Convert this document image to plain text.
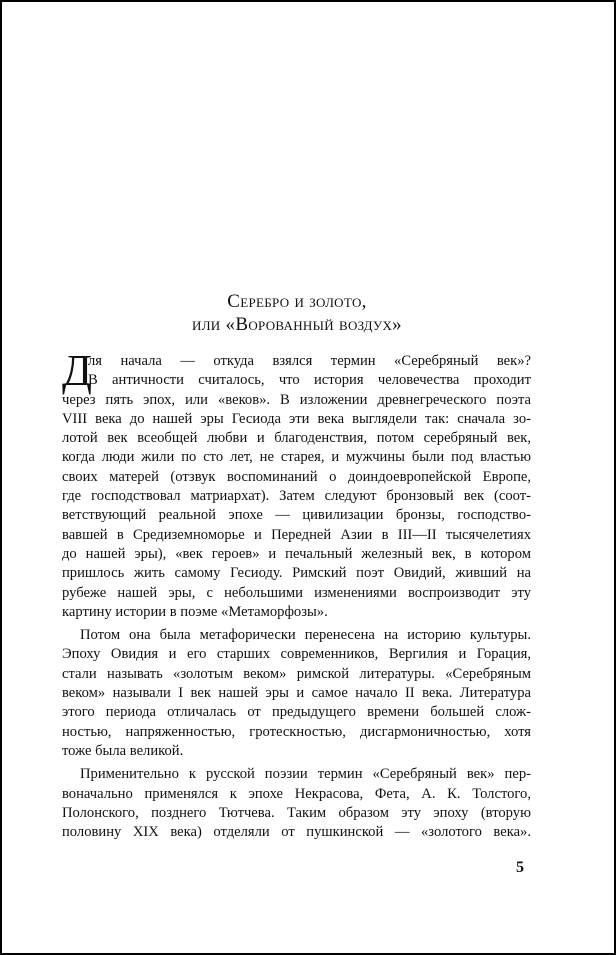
Серебро и золото,
или «Ворованный воздух»
Д
ля начала — откуда взялся термин «Серебряный век»?
В античности считалось, что история человечества проходит
через пять эпох, или «веков». В изложении древнегреческого поэта
VIII века до нашей эры Гесиода эти века выглядели так: сначала зо-
лотой век всеобщей любви и благоденствия, потом серебряный век,
когда люди жили по сто лет, не старея, и мужчины были под властью
своих матерей (отзвук воспоминаний о доиндоевропейской Европе,
где господствовал матриархат). Затем следуют бронзовый век (соот-
ветствующий реальной эпохе — цивилизации бронзы, господство-
вавшей в Средиземноморье и Передней Азии в III—II тысячелетиях
до нашей эры), «век героев» и печальный железный век, в котором
пришлось жить самому Гесиоду. Римский поэт Овидий, живший на
рубеже нашей эры, с небольшими изменениями воспроизводит эту
картину истории в поэме «Метаморфозы».
Потом она была метафорически перенесена на историю культуры.
Эпоху Овидия и его старших современников, Вергилия и Горация,
стали называть «золотым веком» римской литературы. «Серебряным
веком» называли I век нашей эры и самое начало II века. Литература
этого периода отличалась от предыдущего времени большей слож-
ностью, напряженностью, гротескностью, дисгармоничностью, хотя
тоже была великой.
Применительно к русской поэзии термин «Серебряный век» пер-
воначально применялся к эпохе Некрасова, Фета, А. К. Толстого,
Полонского, позднего Тютчева. Таким образом эту эпоху (вторую
половину XIX века) отделяли от пушкинской — «золотого века».
5
